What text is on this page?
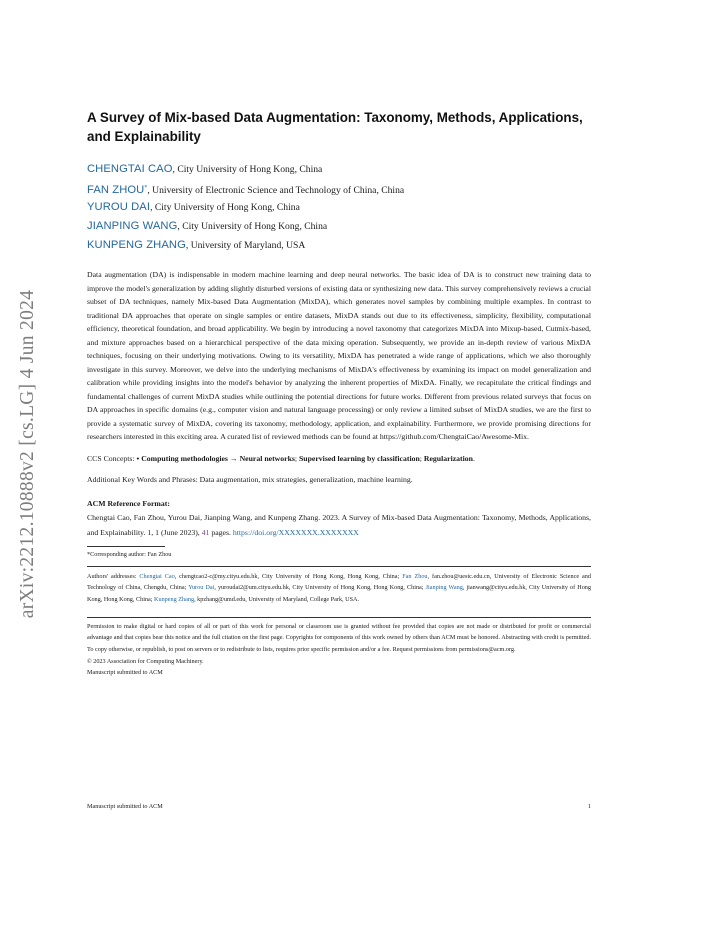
arXiv:2212.10888v2 [cs.LG] 4 Jun 2024
A Survey of Mix-based Data Augmentation: Taxonomy, Methods, Applications, and Explainability
CHENGTAI CAO, City University of Hong Kong, China
FAN ZHOU*, University of Electronic Science and Technology of China, China
YUROU DAI, City University of Hong Kong, China
JIANPING WANG, City University of Hong Kong, China
KUNPENG ZHANG, University of Maryland, USA

Data augmentation (DA) is indispensable in modern machine learning and deep neural networks. The basic idea of DA is to construct new training data to improve the model's generalization by adding slightly disturbed versions of existing data or synthesizing new data. This survey comprehensively reviews a crucial subset of DA techniques, namely Mix-based Data Augmentation (MixDA), which generates novel samples by combining multiple examples. In contrast to traditional DA approaches that operate on single samples or entire datasets, MixDA stands out due to its effectiveness, simplicity, flexibility, computational efficiency, theoretical foundation, and broad applicability. We begin by introducing a novel taxonomy that categorizes MixDA into Mixup-based, Cutmix-based, and mixture approaches based on a hierarchical perspective of the data mixing operation. Subsequently, we provide an in-depth review of various MixDA techniques, focusing on their underlying motivations. Owing to its versatility, MixDA has penetrated a wide range of applications, which we also thoroughly investigate in this survey. Moreover, we delve into the underlying mechanisms of MixDA's effectiveness by examining its impact on model generalization and calibration while providing insights into the model's behavior by analyzing the inherent properties of MixDA. Finally, we recapitulate the critical findings and fundamental challenges of current MixDA studies while outlining the potential directions for future works. Different from previous related surveys that focus on DA approaches in specific domains (e.g., computer vision and natural language processing) or only review a limited subset of MixDA studies, we are the first to provide a systematic survey of MixDA, covering its taxonomy, methodology, application, and explainability. Furthermore, we provide promising directions for researchers interested in this exciting area. A curated list of reviewed methods can be found at https://github.com/ChengtaiCao/Awesome-Mix.

CCS Concepts: • Computing methodologies → Neural networks; Supervised learning by classification; Regularization.
Additional Key Words and Phrases: Data augmentation, mix strategies, generalization, machine learning.
ACM Reference Format:
Chengtai Cao, Fan Zhou, Yurou Dai, Jianping Wang, and Kunpeng Zhang. 2023. A Survey of Mix-based Data Augmentation: Taxonomy, Methods, Applications, and Explainability. 1, 1 (June 2023), 41 pages. https://doi.org/XXXXXXX.XXXXXXX
*Corresponding author: Fan Zhou
Authors' addresses: Chengtai Cao, chengtcao2-c@my.cityu.edu.hk, City University of Hong Kong, Hong Kong, China; Fan Zhou, fan.zhou@uestc.edu.cn, University of Electronic Science and Technology of China, Chengdu, China; Yurou Dai, yuroudai2@um.cityu.edu.hk, City University of Hong Kong, Hong Kong, China; Jianping Wang, jianwang@cityu.edu.hk, City University of Hong Kong, Hong Kong, China; Kunpeng Zhang, kpzhang@umd.edu, University of Maryland, College Park, USA.
Permission to make digital or hard copies of all or part of this work for personal or classroom use is granted without fee provided that copies are not made or distributed for profit or commercial advantage and that copies bear this notice and the full citation on the first page. Copyrights for components of this work owned by others than ACM must be honored. Abstracting with credit is permitted. To copy otherwise, or republish, to post on servers or to redistribute to lists, requires prior specific permission and/or a fee. Request permissions from permissions@acm.org.
© 2023 Association for Computing Machinery.
Manuscript submitted to ACM
Manuscript submitted to ACM	1
